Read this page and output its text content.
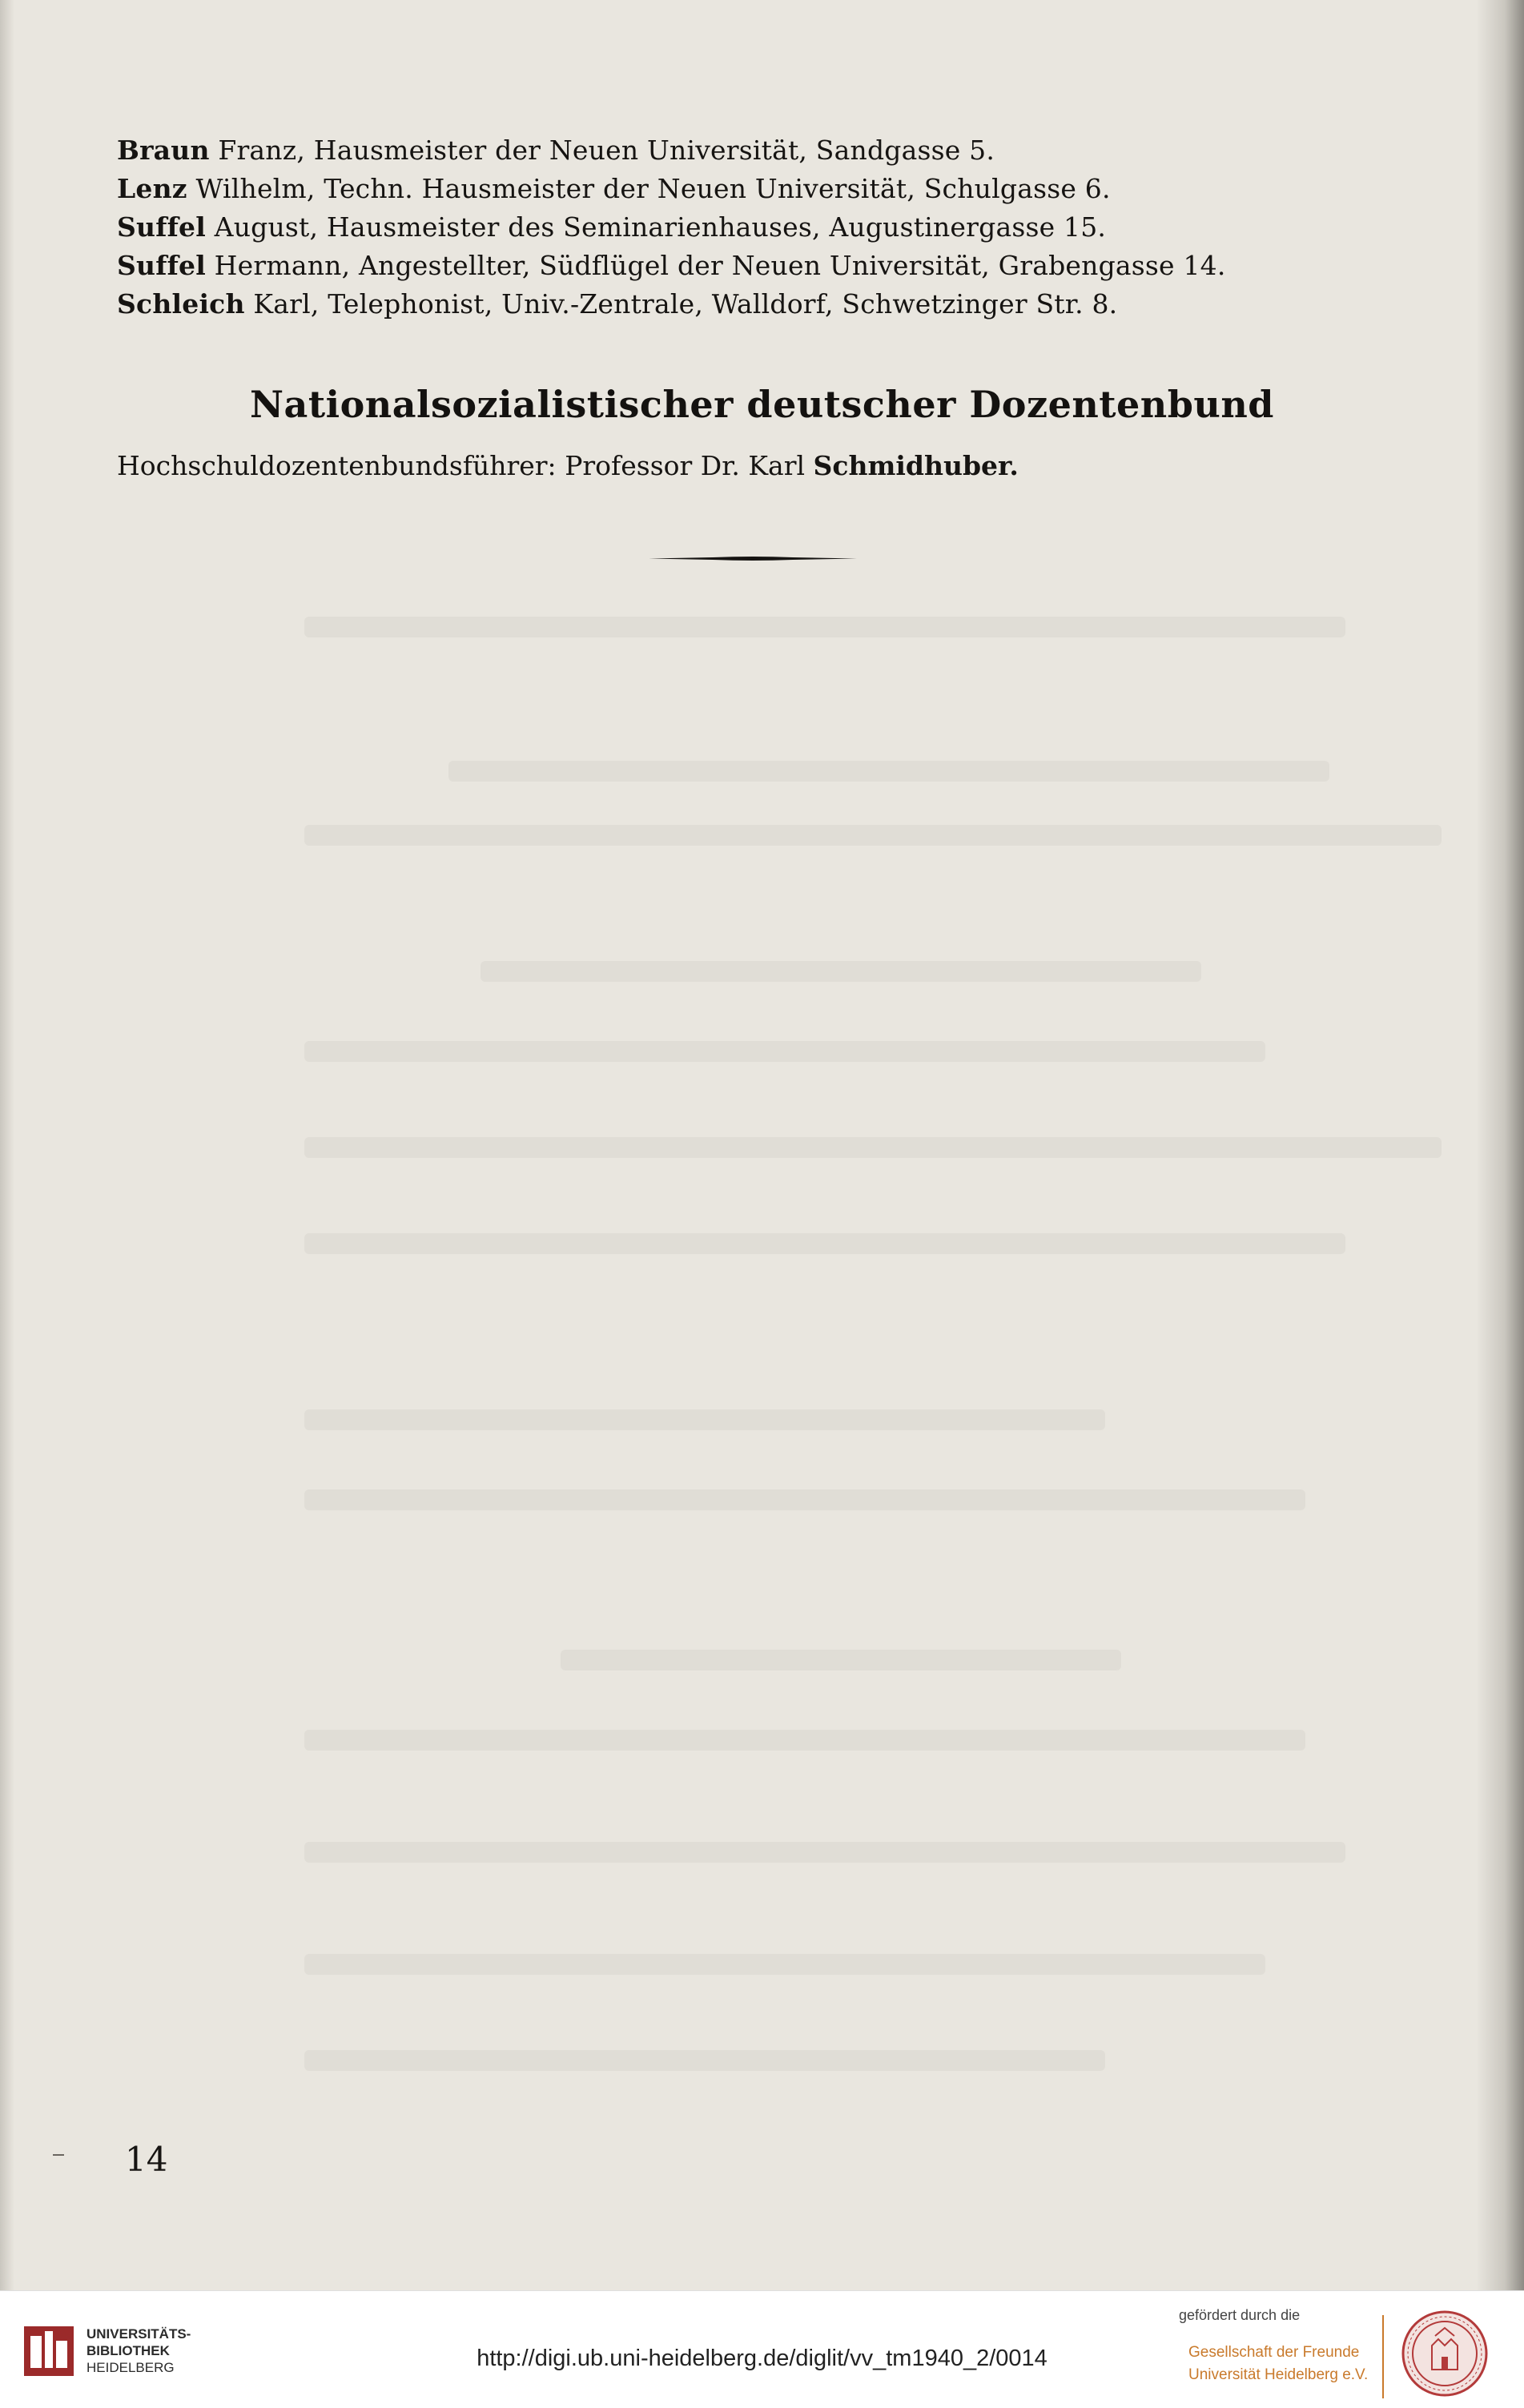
Braun Franz, Hausmeister der Neuen Universität, Sandgasse 5.
Lenz Wilhelm, Techn. Hausmeister der Neuen Universität, Schulgasse 6.
Suffel August, Hausmeister des Seminarienhauses, Augustinergasse 15.
Suffel Hermann, Angestellter, Südflügel der Neuen Universität, Grabengasse 14.
Schleich Karl, Telephonist, Univ.-Zentrale, Walldorf, Schwetzinger Str. 8.
Nationalsozialistischer deutscher Dozentenbund
Hochschuldozentenbundsführer: Professor Dr. Karl Schmidhuber.
14
UNIVERSITÄTS-
BIBLIOTHEK
HEIDELBERG	http://digi.ub.uni-heidelberg.de/diglit/vv_tm1940_2/0014
gefördert durch die
Gesellschaft der Freunde
Universität Heidelberg e.V.
